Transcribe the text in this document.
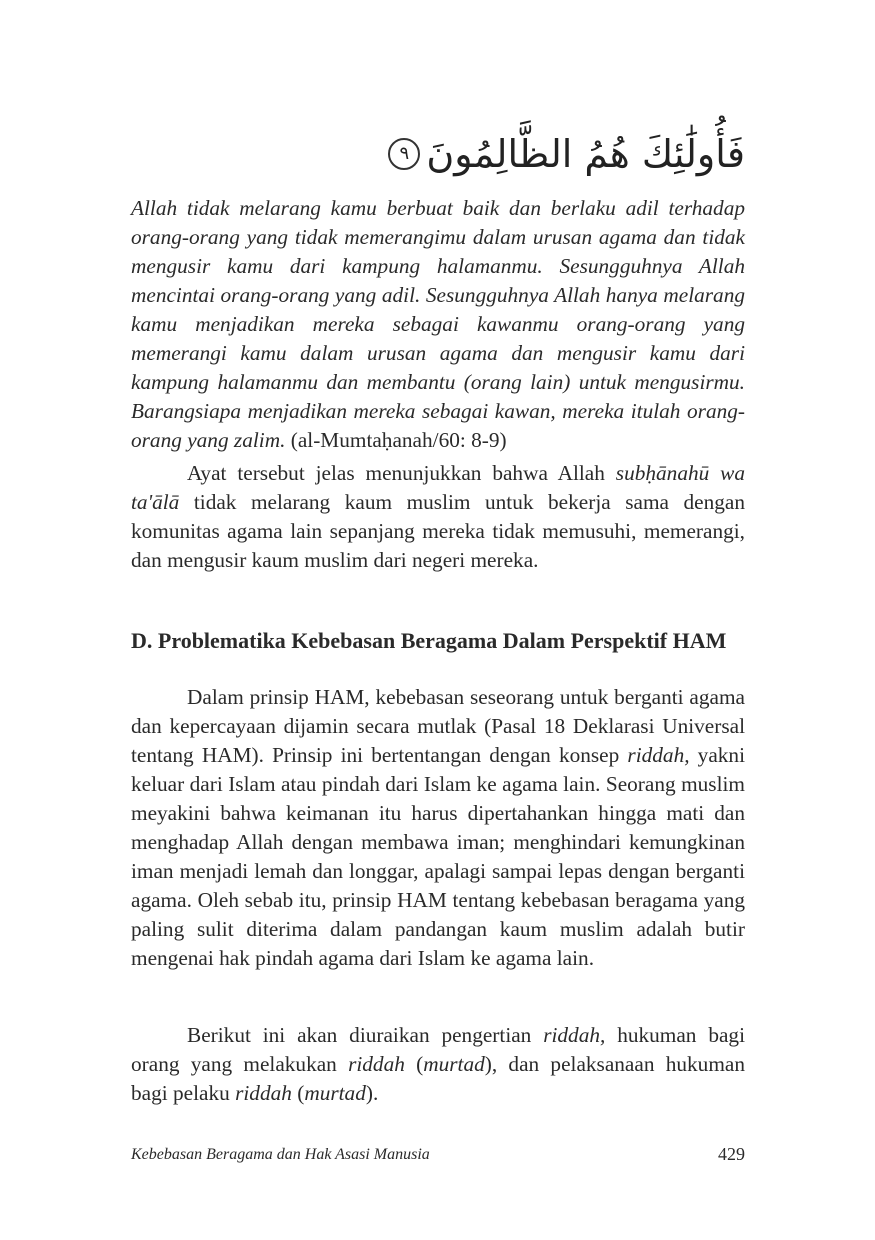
فَأُولَٰئِكَ هُمُ الظَّالِمُونَ
٩

Allah tidak melarang kamu berbuat baik dan berlaku adil terhadap orang-orang yang tidak memerangimu dalam urusan agama dan tidak mengusir kamu dari kampung halamanmu. Sesungguhnya Allah mencintai orang-orang yang adil. Sesungguhnya Allah hanya melarang kamu menjadikan mereka sebagai kawanmu orang-orang yang memerangi kamu dalam urusan agama dan mengusir kamu dari kampung halamanmu dan membantu (orang lain) untuk mengusirmu. Barangsiapa menjadikan mereka sebagai kawan, mereka itulah orang-orang yang zalim. (al-Mumtaḥanah/60: 8-9)

Ayat tersebut jelas menunjukkan bahwa Allah subḥānahū wa ta'ālā tidak melarang kaum muslim untuk bekerja sama dengan komunitas agama lain sepanjang mereka tidak memusuhi, memerangi, dan mengusir kaum muslim dari negeri mereka.

D. Problematika Kebebasan Beragama Dalam Perspektif HAM

Dalam prinsip HAM, kebebasan seseorang untuk berganti agama dan kepercayaan dijamin secara mutlak (Pasal 18 Deklarasi Universal tentang HAM). Prinsip ini bertentangan dengan konsep riddah, yakni keluar dari Islam atau pindah dari Islam ke agama lain. Seorang muslim meyakini bahwa keimanan itu harus dipertahankan hingga mati dan menghadap Allah dengan membawa iman; menghindari kemungkinan iman menjadi lemah dan longgar, apalagi sampai lepas dengan berganti agama. Oleh sebab itu, prinsip HAM tentang kebebasan beragama yang paling sulit diterima dalam pandangan kaum muslim adalah butir mengenai hak pindah agama dari Islam ke agama lain.

Berikut ini akan diuraikan pengertian riddah, hukuman bagi orang yang melakukan riddah (murtad), dan pelaksanaan hukuman bagi pelaku riddah (murtad).

Kebebasan Beragama dan Hak Asasi Manusia	429
